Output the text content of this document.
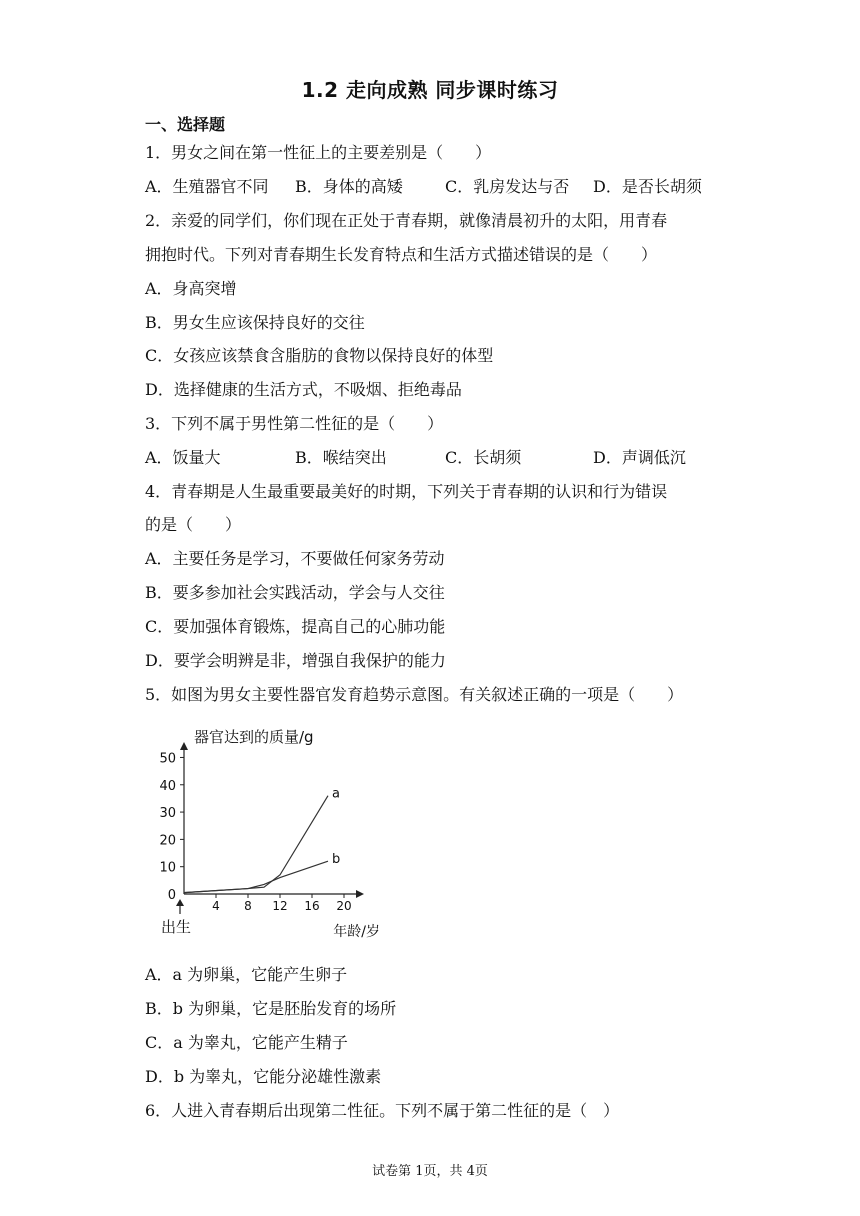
1.2 走向成熟 同步课时练习
一、选择题
1．男女之间在第一性征上的主要差别是（　　）
A．生殖器官不同 B．身体的高矮	C．乳房发达与否 D．是否长胡须
2．亲爱的同学们，你们现在正处于青春期，就像清晨初升的太阳，用青春
拥抱时代。下列对青春期生长发育特点和生活方式描述错误的是（　　）
A．身高突增
B．男女生应该保持良好的交往
C．女孩应该禁食含脂肪的食物以保持良好的体型
D．选择健康的生活方式，不吸烟、拒绝毒品
3．下列不属于男性第二性征的是（　　）
A．饭量大	B．喉结突出	C．长胡须	D．声调低沉
4．青春期是人生最重要最美好的时期，下列关于青春期的认识和行为错误
的是（　　）
A．主要任务是学习，不要做任何家务劳动
B．要多参加社会实践活动，学会与人交往
C．要加强体育锻炼，提高自己的心肺功能
D．要学会明辨是非，增强自我保护的能力
5．如图为男女主要性器官发育趋势示意图。有关叙述正确的一项是（　　）
0
10
20
30
40
50
4 8 12 16 20
出生
器官达到的质量/g
年龄/岁
a
b
A．a 为卵巢，它能产生卵子
B．b 为卵巢，它是胚胎发育的场所
C．a 为睾丸，它能产生精子
D．b 为睾丸，它能分泌雄性激素
6．人进入青春期后出现第二性征。下列不属于第二性征的是（　）
试卷第 1页，共 4页
